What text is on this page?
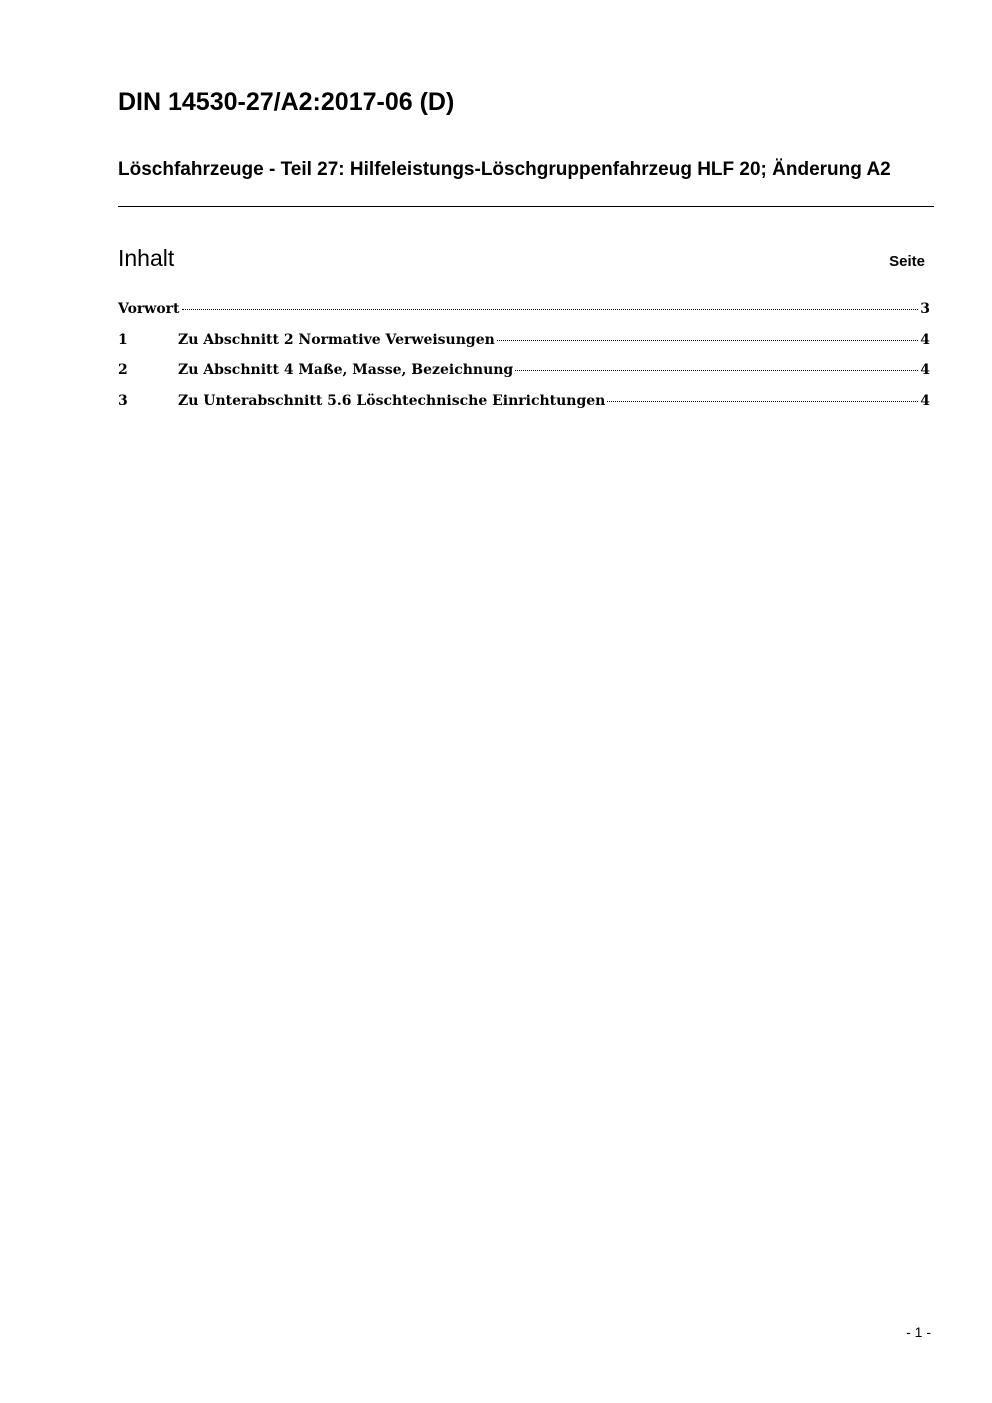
DIN 14530-27/A2:2017-06 (D)
Löschfahrzeuge - Teil 27: Hilfeleistungs-Löschgruppenfahrzeug HLF 20; Änderung A2
Inhalt	Seite
Vorwort	3
1	Zu Abschnitt 2 Normative Verweisungen	4
2	Zu Abschnitt 4 Maße, Masse, Bezeichnung	4
3	Zu Unterabschnitt 5.6 Löschtechnische Einrichtungen	4
- 1 -
